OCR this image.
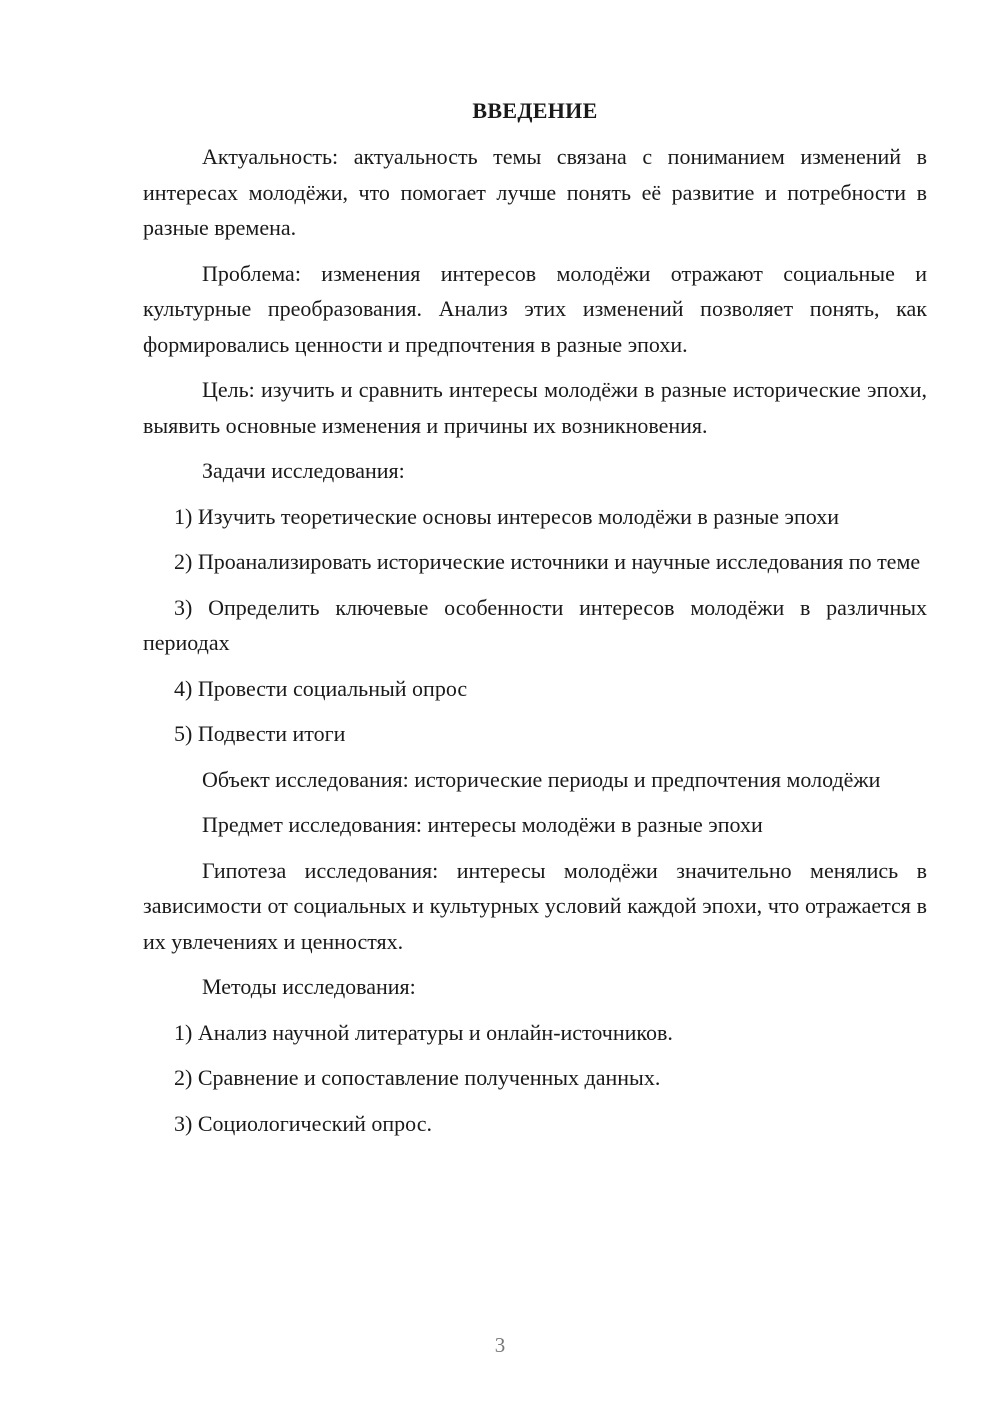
ВВЕДЕНИЕ

Актуальность: актуальность темы связана с пониманием изменений в интересах молодёжи, что помогает лучше понять её развитие и потребности в разные времена.

Проблема: изменения интересов молодёжи отражают социальные и культурные преобразования. Анализ этих изменений позволяет понять, как формировались ценности и предпочтения в разные эпохи.

Цель: изучить и сравнить интересы молодёжи в разные исторические эпохи, выявить основные изменения и причины их возникновения.

Задачи исследования:

1) Изучить теоретические основы интересов молодёжи в разные эпохи

2) Проанализировать исторические источники и научные исследования по теме

3) Определить ключевые особенности интересов молодёжи в различных периодах

4) Провести социальный опрос

5) Подвести итоги

Объект исследования: исторические периоды и предпочтения молодёжи

Предмет исследования: интересы молодёжи в разные эпохи

Гипотеза исследования: интересы молодёжи значительно менялись в зависимости от социальных и культурных условий каждой эпохи, что отражается в их увлечениях и ценностях.

Методы исследования:

1) Анализ научной литературы и онлайн-источников.

2) Сравнение и сопоставление полученных данных.

3) Социологический опрос.

3
